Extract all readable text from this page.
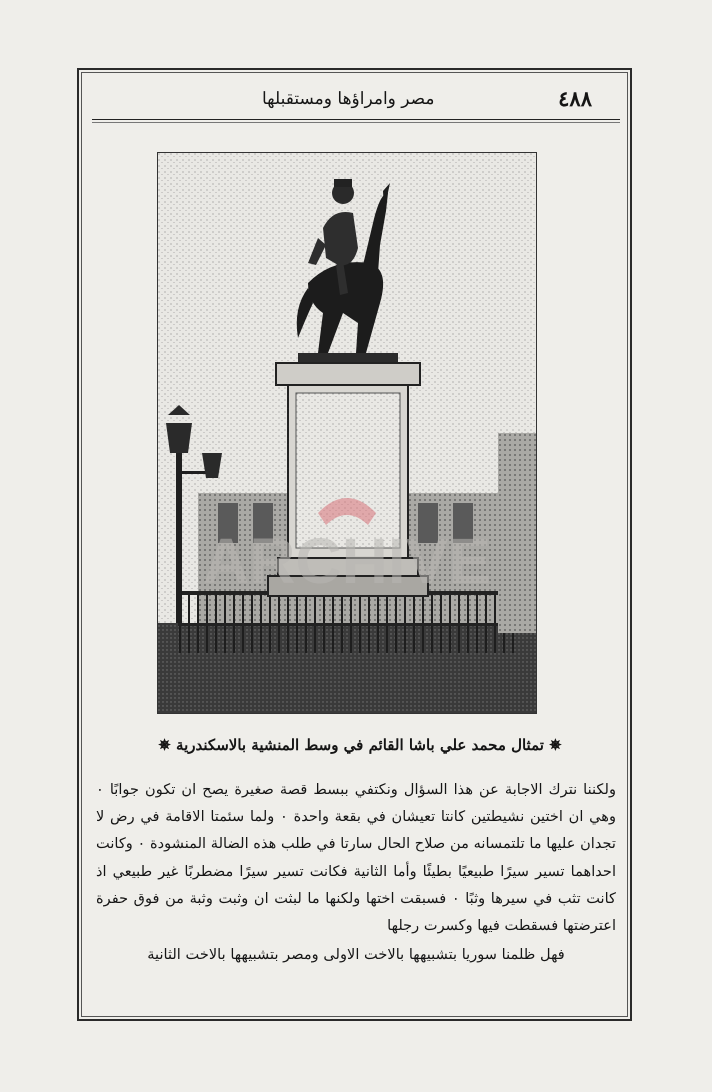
٤٨٨
مصر وامراؤها ومستقبلها
ARCHIVE
✵ تمثال محمد علي باشا القائم في وسط المنشية بالاسكندرية ✵

ولكننا نترك الاجابة عن هذا السؤال ونكتفي ببسط قصة صغيرة يصح ان تكون جوابًا ٠ وهي ان اختين نشيطتين كانتا تعيشان في بقعة واحدة ٠ ولما سئمتا الاقامة في رض لا تجدان عليها ما تلتمسانه من صلاح الحال سارتا في طلب هذه الضالة المنشودة ٠ وكانت احداهما تسير سيرًا طبيعيًا بطيئًا وأما الثانية فكانت تسير سيرًا مضطربًا غير طبيعي اذ كانت تثب في سيرها وثبًا ٠ فسبقت اختها ولكنها ما لبثت ان وثبت وثبة من فوق حفرة اعترضتها فسقطت فيها وكسرت رجلها

فهل ظلمنا سوريا بتشبيهها بالاخت الاولى ومصر بتشبيهها بالاخت الثانية
